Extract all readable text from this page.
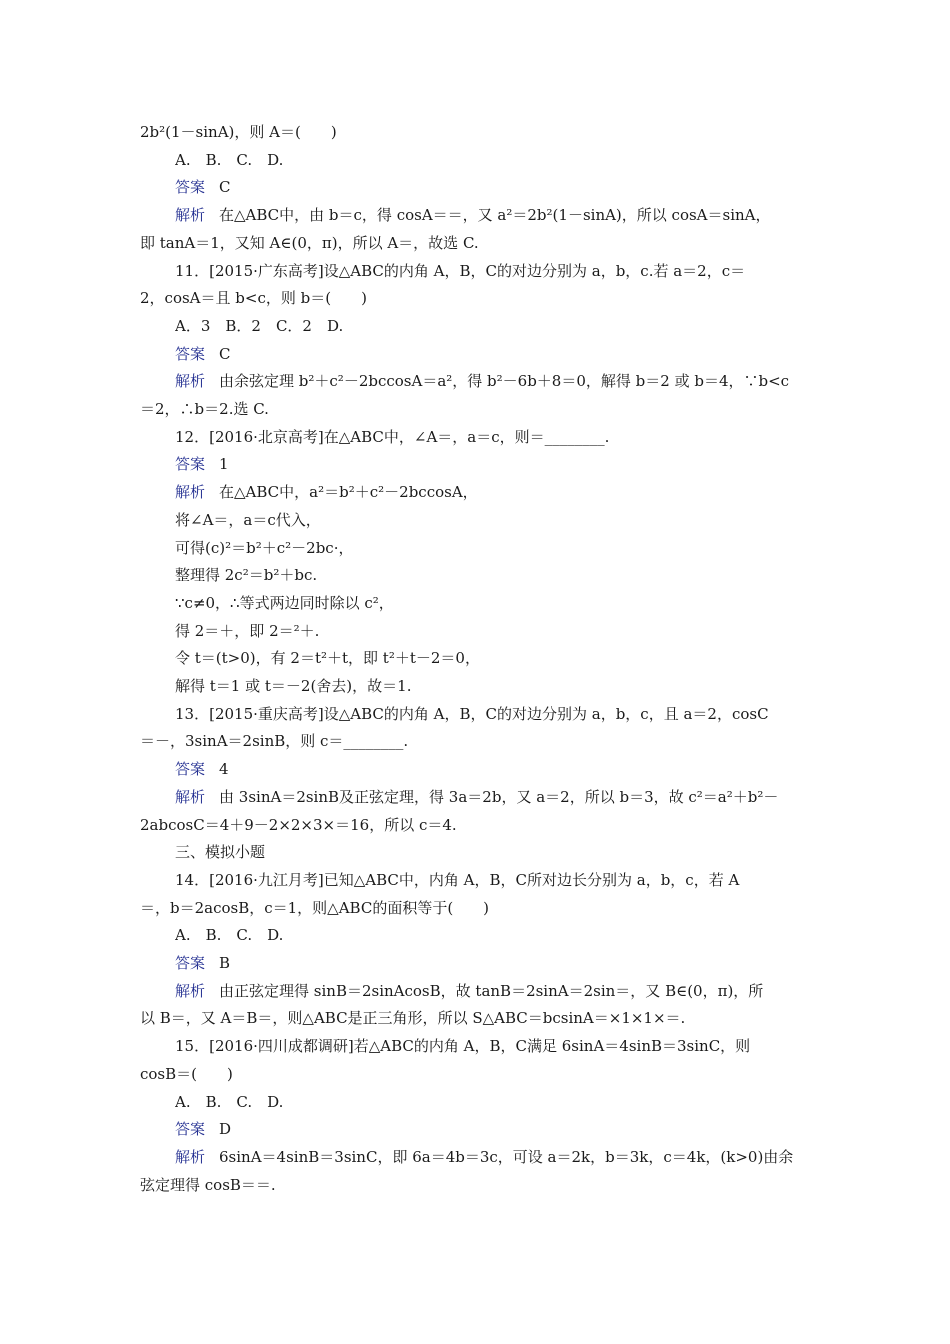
2b²(1－sinA)，则 A＝(　　)
A.　B.　C.　D.
答案 C
解析 在△ABC中，由 b＝c，得 cosA＝＝，又 a²＝2b²(1－sinA)，所以 cosA＝sinA，
即 tanA＝1，又知 A∈(0，π)，所以 A＝，故选 C.
11．[2015·广东高考]设△ABC的内角 A，B，C的对边分别为 a，b，c.若 a＝2，c＝
2，cosA＝且 b<c，则 b＝(　　)
A．3　B．2　C．2　D.
答案 C
解析 由余弦定理 b²＋c²－2bccosA＝a²，得 b²－6b＋8＝0，解得 b＝2 或 b＝4，∵b<c
＝2，∴b＝2.选 C.
12．[2016·北京高考]在△ABC中，∠A＝，a＝c，则＝________.
答案 1
解析 在△ABC中，a²＝b²＋c²－2bccosA，
将∠A＝，a＝c代入，
可得(c)²＝b²＋c²－2bc·，
整理得 2c²＝b²＋bc.
∵c≠0，∴等式两边同时除以 c²，
得 2＝＋，即 2＝²＋.
令 t＝(t>0)，有 2＝t²＋t，即 t²＋t－2＝0，
解得 t＝1 或 t＝－2(舍去)，故＝1.
13．[2015·重庆高考]设△ABC的内角 A，B，C的对边分别为 a，b，c，且 a＝2，cosC
＝－，3sinA＝2sinB，则 c＝________.
答案 4
解析 由 3sinA＝2sinB及正弦定理，得 3a＝2b，又 a＝2，所以 b＝3，故 c²＝a²＋b²－
2abcosC＝4＋9－2×2×3×＝16，所以 c＝4.
三、模拟小题
14．[2016·九江月考]已知△ABC中，内角 A，B，C所对边长分别为 a，b，c，若 A
＝，b＝2acosB，c＝1，则△ABC的面积等于(　　)
A.　B.　C.　D.
答案 B
解析 由正弦定理得 sinB＝2sinAcosB，故 tanB＝2sinA＝2sin＝，又 B∈(0，π)，所
以 B＝，又 A＝B＝，则△ABC是正三角形，所以 S△ABC＝bcsinA＝×1×1×＝.
15．[2016·四川成都调研]若△ABC的内角 A，B，C满足 6sinA＝4sinB＝3sinC，则
cosB＝(　　)
A.　B.　C.　D.
答案 D
解析 6sinA＝4sinB＝3sinC，即 6a＝4b＝3c，可设 a＝2k，b＝3k，c＝4k，(k>0)由余
弦定理得 cosB＝＝.
